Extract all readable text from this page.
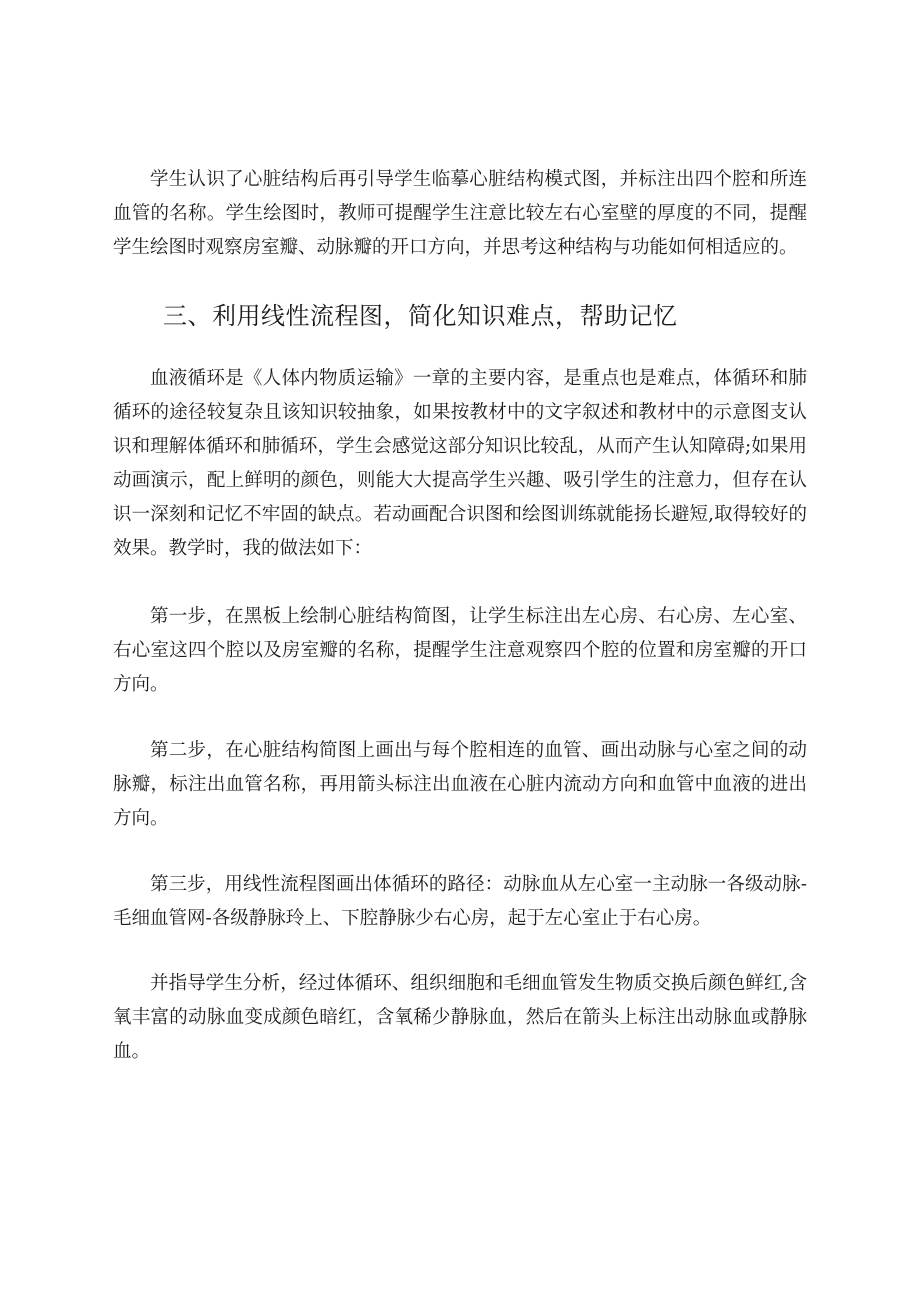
学生认识了心脏结构后再引导学生临摹心脏结构模式图，并标注出四个腔和所连血管的名称。学生绘图时，教师可提醒学生注意比较左右心室壁的厚度的不同，提醒学生绘图时观察房室瓣、动脉瓣的开口方向，并思考这种结构与功能如何相适应的。

三、利用线性流程图，简化知识难点，帮助记忆

血液循环是《人体内物质运输》一章的主要内容，是重点也是难点，体循环和肺循环的途径较复杂且该知识较抽象，如果按教材中的文字叙述和教材中的示意图支认识和理解体循环和肺循环，学生会感觉这部分知识比较乱，从而产生认知障碍;如果用动画演示，配上鲜明的颜色，则能大大提高学生兴趣、吸引学生的注意力，但存在认识一深刻和记忆不牢固的缺点。若动画配合识图和绘图训练就能扬长避短,取得较好的效果。教学时，我的做法如下：

第一步，在黑板上绘制心脏结构简图，让学生标注出左心房、右心房、左心室、右心室这四个腔以及房室瓣的名称，提醒学生注意观察四个腔的位置和房室瓣的开口方向。

第二步，在心脏结构简图上画出与每个腔相连的血管、画出动脉与心室之间的动脉瓣，标注出血管名称，再用箭头标注出血液在心脏内流动方向和血管中血液的进出方向。

第三步，用线性流程图画出体循环的路径：动脉血从左心室一主动脉一各级动脉-毛细血管网-各级静脉玲上、下腔静脉少右心房，起于左心室止于右心房。

并指导学生分析，经过体循环、组织细胞和毛细血管发生物质交换后颜色鲜红,含氧丰富的动脉血变成颜色暗红，含氧稀少静脉血，然后在箭头上标注出动脉血或静脉血。
